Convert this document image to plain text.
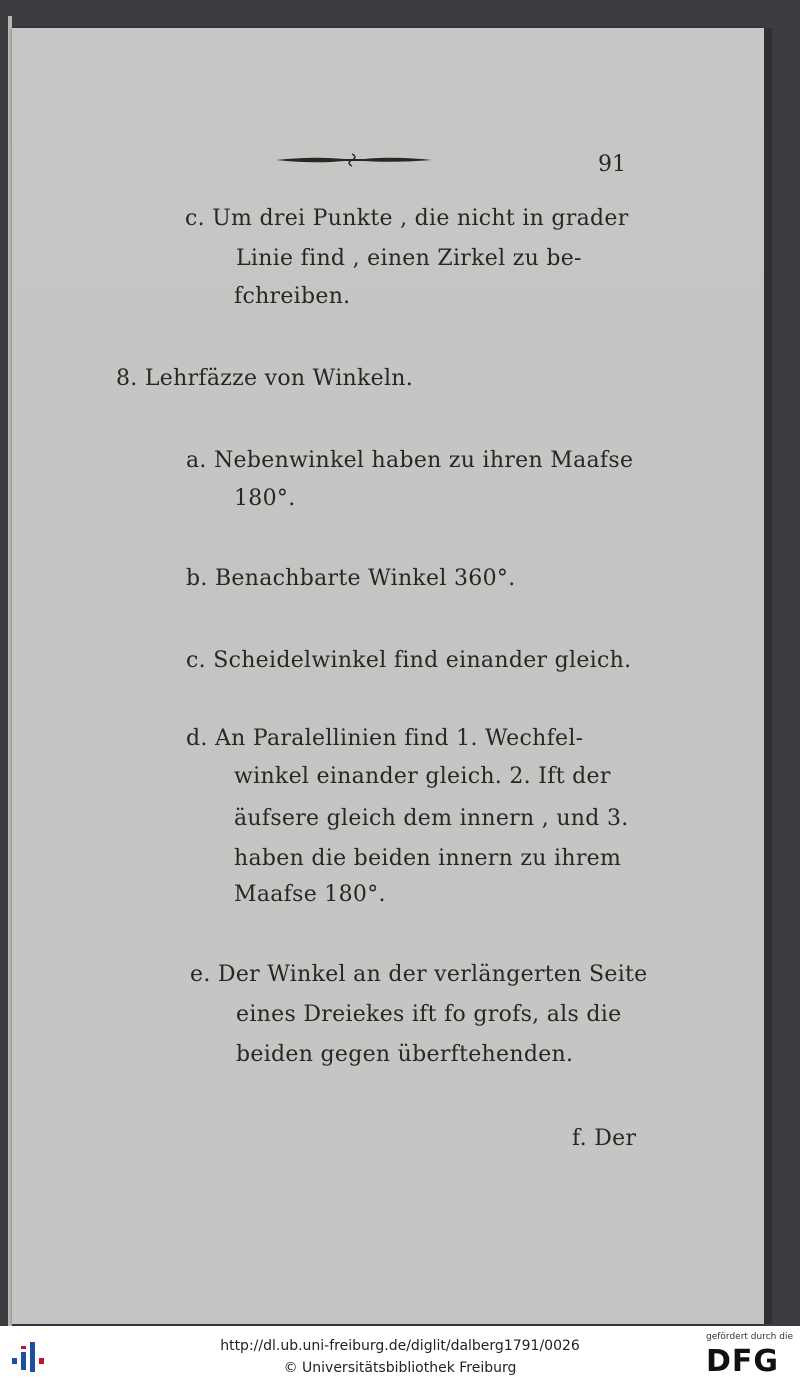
91
c. Um drei Punkte , die nicht in grader
Linie find , einen Zirkel zu be-
fchreiben.
8. Lehrfäzze von Winkeln.
a. Nebenwinkel haben zu ihren Maafse
180°.
b. Benachbarte Winkel 360°.
c. Scheidelwinkel find einander gleich.
d. An Paralellinien find 1. Wechfel-
winkel einander gleich. 2. Ift der
äufsere gleich dem innern , und 3.
haben die beiden innern zu ihrem
Maafse 180°.
e. Der Winkel an der verlängerten Seite
eines Dreiekes ift fo grofs, als die
beiden gegen überftehenden.
f. Der
http://dl.ub.uni-freiburg.de/diglit/dalberg1791/0026
© Universitätsbibliothek Freiburg
gefördert durch die
DFG
